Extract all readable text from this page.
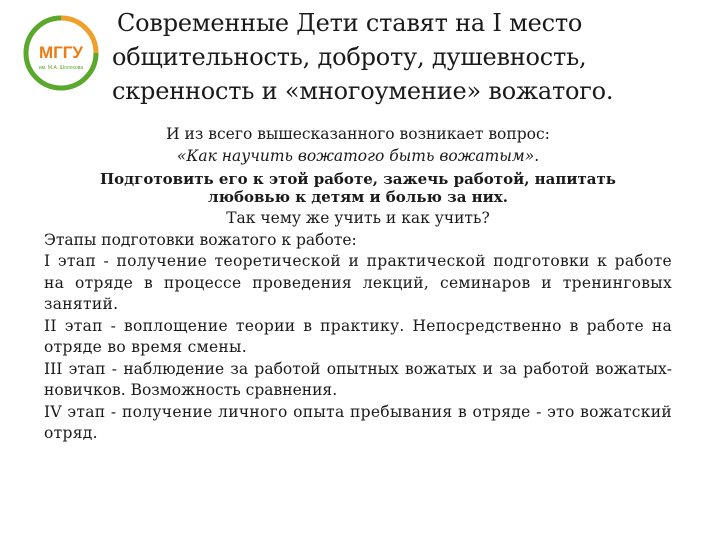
МГГУ
им. М.А. Шолохова
Современные Дети ставят на I место
общительность, доброту, душевность,
скренность и «многоумение» вожатого.

И из всего вышесказанного возникает вопрос:

«Как научить вожатого быть вожатым».

Подготовить его к этой работе, зажечь работой, напитать
любовью к детям и болью за них.

Так чему же учить и как учить?

Этапы подготовки вожатого к работе:

I этап - получение теоретической и практической подготовки к работе на отряде в процессе проведения лекций, семинаров и тренинговых занятий.

II этап - воплощение теории в практику. Непосредственно в работе на отряде во время смены.

III этап - наблюдение за работой опытных вожатых и за работой вожатых-новичков. Возможность сравнения.

IV этап - получение личного опыта пребывания в отряде - это вожатский отряд.
